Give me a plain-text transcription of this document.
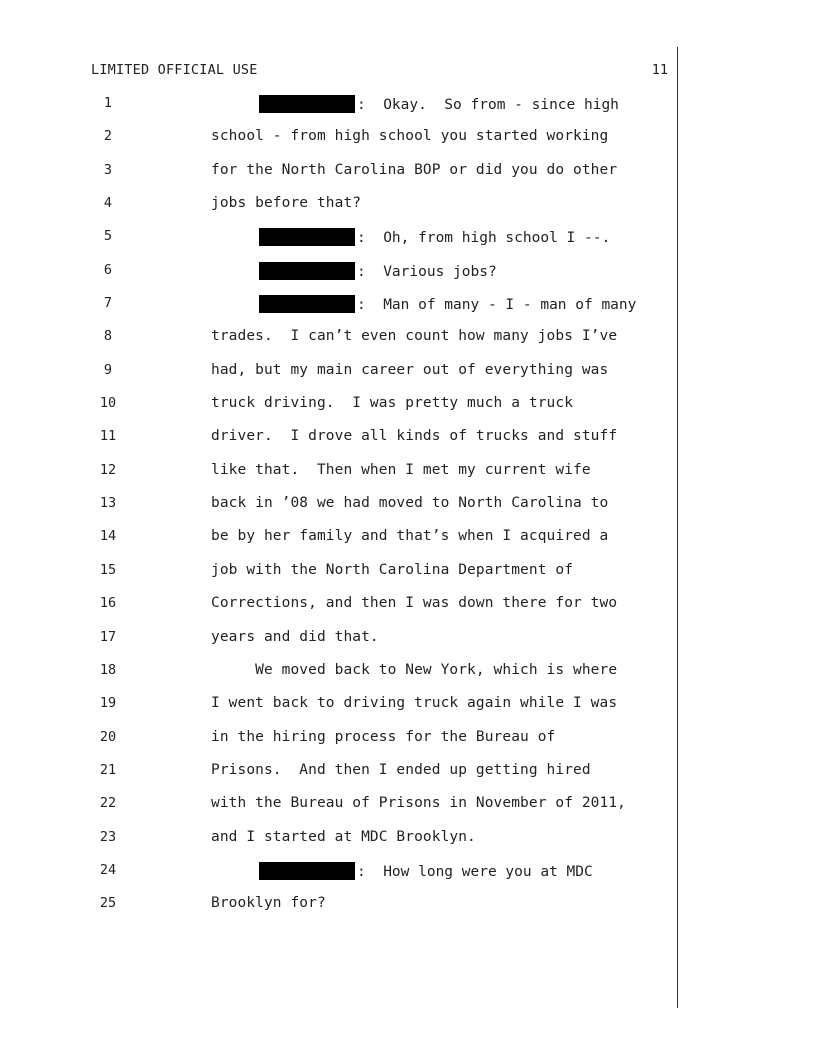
LIMITED OFFICIAL USE	11
1	:  Okay.  So from - since high
2	school - from high school you started working
3	for the North Carolina BOP or did you do other
4	jobs before that?
5	:  Oh, from high school I --.
6	:  Various jobs?
7	:  Man of many - I - man of many
8	trades.  I can’t even count how many jobs I’ve
9	had, but my main career out of everything was
10	truck driving.  I was pretty much a truck
11	driver.  I drove all kinds of trucks and stuff
12	like that.  Then when I met my current wife
13	back in ’08 we had moved to North Carolina to
14	be by her family and that’s when I acquired a
15	job with the North Carolina Department of
16	Corrections, and then I was down there for two
17	years and did that.
18	We moved back to New York, which is where
19	I went back to driving truck again while I was
20	in the hiring process for the Bureau of
21	Prisons.  And then I ended up getting hired
22	with the Bureau of Prisons in November of 2011,
23	and I started at MDC Brooklyn.
24	:  How long were you at MDC
25	Brooklyn for?
